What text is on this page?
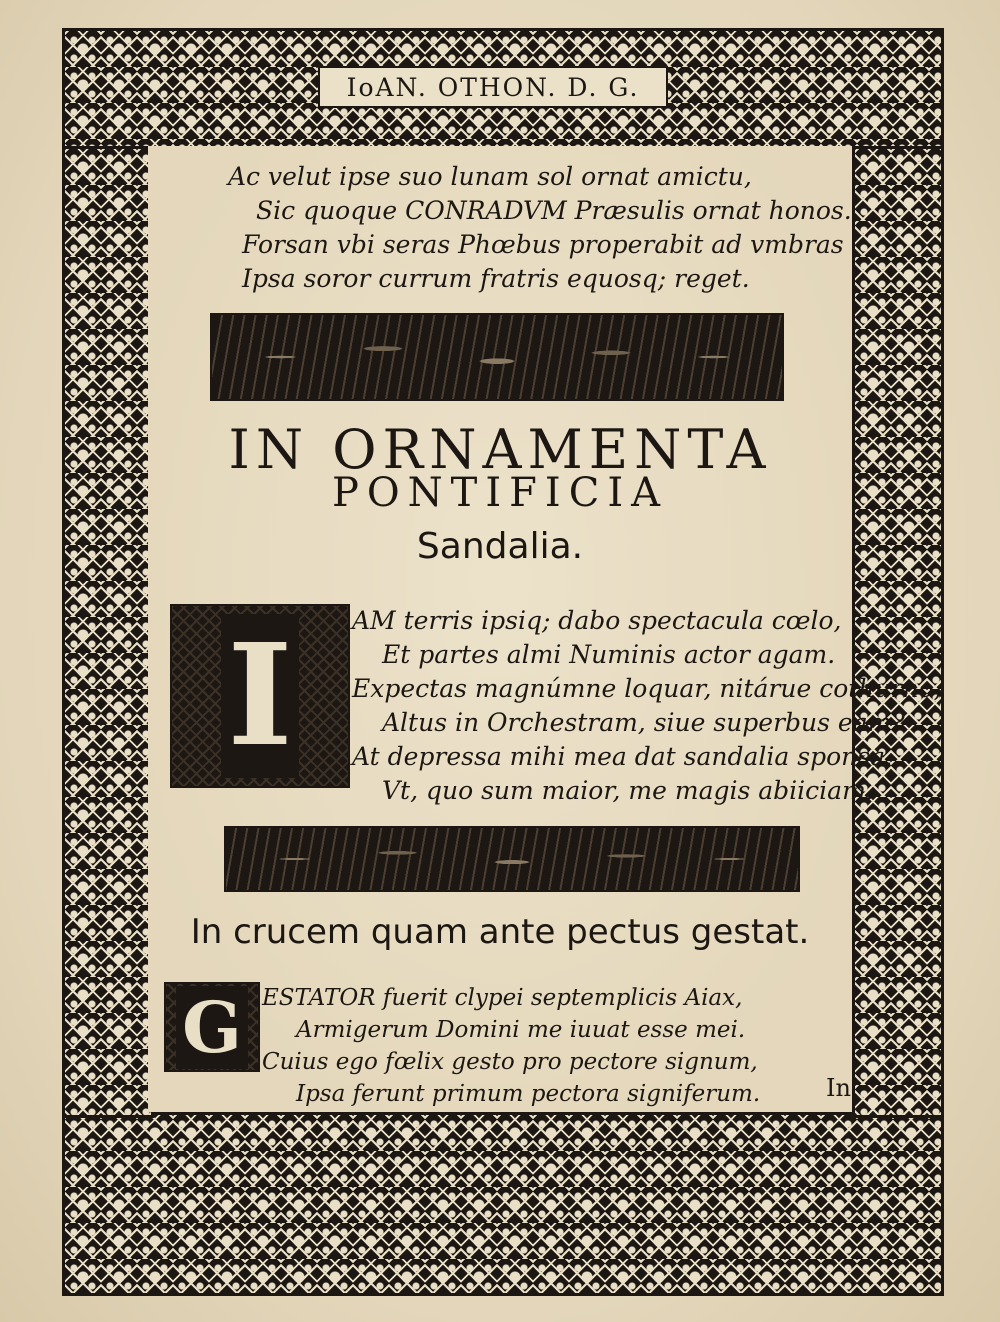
IoAN. OTHON. D. G.
Ac velut ipse suo lunam sol ornat amictu,
Sic quoque CONRADVM Præsulis ornat honos.
Forsan vbi seras Phœbus properabit ad vmbras
Ipsa soror currum fratris equosq; reget.
IN ORNAMENTA
PONTIFICIA
Sandalia.
I AM terris ipsiq; dabo spectacula cœlo,
Et partes almi Numinis actor agam.
Expectas magnúmne loquar, nitárue cothurno,
Altus in Orchestram, siue superbus eam?
At depressa mihi mea dat sandalia sponsa;
Vt, quo sum maior, me magis abiiciam.
In crucem quam ante pectus gestat.
G ESTATOR fuerit clypei septemplicis Aiax,
Armigerum Domini me iuuat esse mei.
Cuius ego fœlix gesto pro pectore signum,
Ipsa ferunt primum pectora signiferum.	In
